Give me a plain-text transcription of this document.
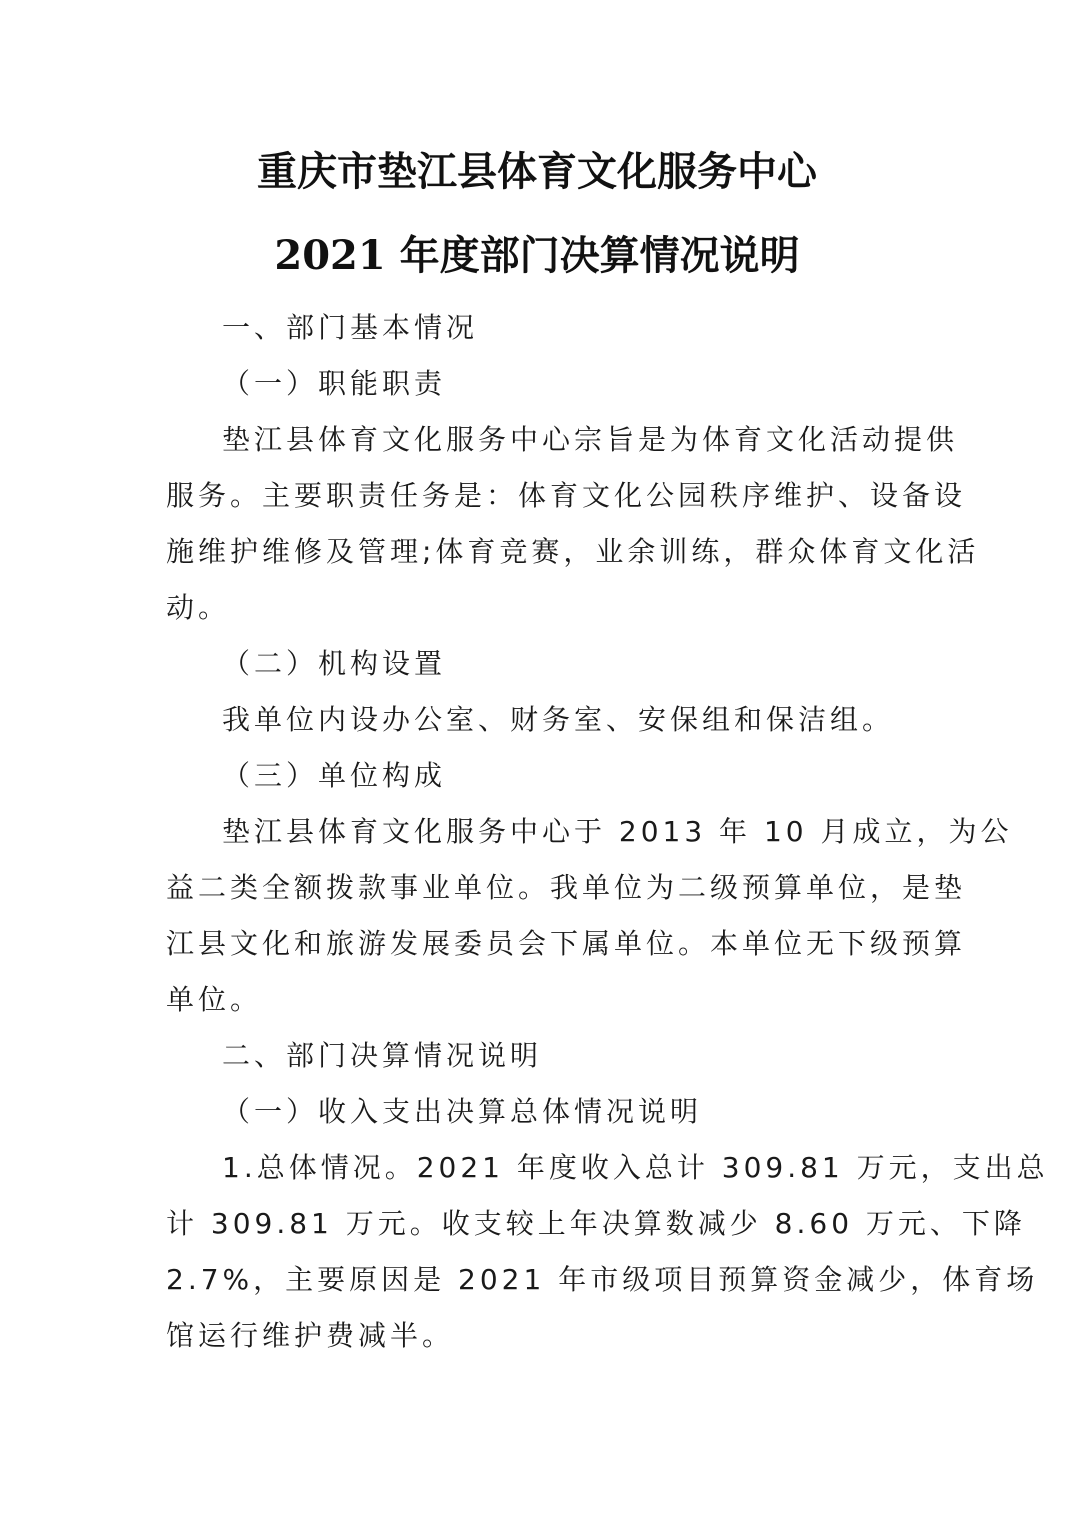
重庆市垫江县体育文化服务中心
2021 年度部门决算情况说明
一、部门基本情况
（一）职能职责
垫江县体育文化服务中心宗旨是为体育文化活动提供
服务。主要职责任务是：体育文化公园秩序维护、设备设
施维护维修及管理;体育竞赛，业余训练，群众体育文化活
动。
（二）机构设置
我单位内设办公室、财务室、安保组和保洁组。
（三）单位构成
垫江县体育文化服务中心于 2013 年 10 月成立，为公
益二类全额拨款事业单位。我单位为二级预算单位，是垫
江县文化和旅游发展委员会下属单位。本单位无下级预算
单位。
二、部门决算情况说明
（一）收入支出决算总体情况说明
1.总体情况。2021 年度收入总计 309.81 万元，支出总
计 309.81 万元。收支较上年决算数减少 8.60 万元、下降
2.7%，主要原因是 2021 年市级项目预算资金减少，体育场
馆运行维护费减半。
